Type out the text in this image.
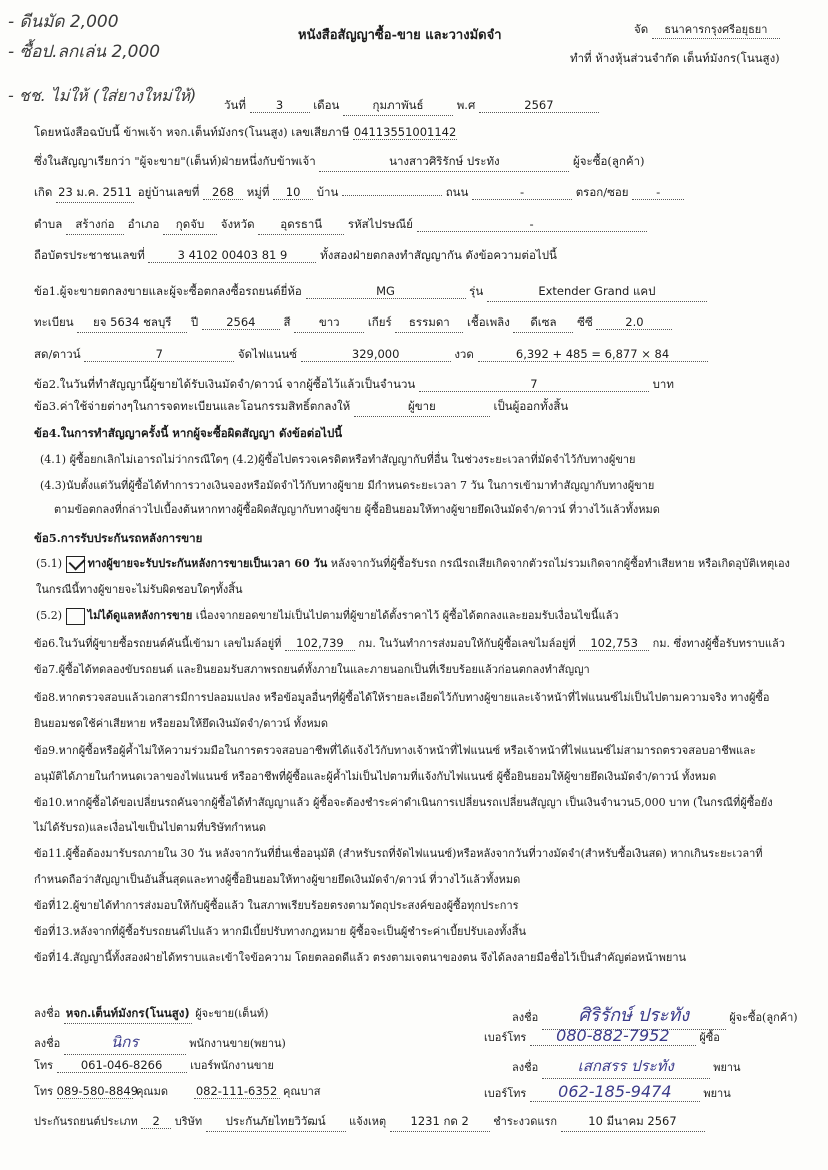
- ดีนมัด 2,000
- ซื้อป.ลกเล่น 2,000
- ชช. ไม่ให้ (ใส่ยางใหม่ให้)
หนังสือสัญญาซื้อ-ขาย และวางมัดจำ	จัด ธนาคารกรุงศรีอยุธยา
ทำที่ ห้างหุ้นส่วนจำกัด เต็นท์มังกร(โนนสูง)
วันที่	3	เดือน	กุมภาพันธ์	พ.ศ	2567
โดยหนังสือฉบับนี้ ข้าพเจ้า หจก.เต็นท์มังกร(โนนสูง) เลขเสียภาษี 04113551001142
ซึ่งในสัญญาเรียกว่า "ผู้จะขาย"(เต็นท์)ฝ่ายหนึ่งกับข้าพเจ้า	นางสาวศิริรักษ์ ประทัง	ผู้จะซื้อ(ลูกค้า)
เกิด 23 ม.ค. 2511 อยู่บ้านเลขที่ 268 หมู่ที่ 10 บ้าน	ถนน	-	ตรอก/ซอย -
ตำบล สร้างก่อ อำเภอ กุดจับ จังหวัด อุดรธานี รหัสไปรษณีย์	-
ถือบัตรประชาชนเลขที่	3 4102 00403 81 9	ทั้งสองฝ่ายตกลงทำสัญญากัน ดังข้อความต่อไปนี้
ข้อ1.ผู้จะขายตกลงขายและผู้จะซื้อตกลงซื้อรถยนต์ยี่ห้อ	MG	รุ่น	Extender Grand แคป
ทะเบียน ยจ 5634 ชลบุรี ปี 2564 สี ขาว เกียร์ ธรรมดา เชื้อเพลิง ดีเซล ซีซี	2.0
สด/ดาวน์	7	จัดไฟแนนซ์	329,000	งวด	6,392 + 485 = 6,877 × 84
ข้อ2.ในวันที่ทำสัญญานี้ผู้ขายได้รับเงินมัดจำ/ดาวน์ จากผู้ซื้อไว้แล้วเป็นจำนวน	7	บาท
ข้อ3.ค่าใช้จ่ายต่างๆในการจดทะเบียนและโอนกรรมสิทธิ์ตกลงให้	ผู้ขาย	เป็นผู้ออกทั้งสิ้น
ข้อ4.ในการทำสัญญาครั้งนี้ หากผู้จะซื้อผิดสัญญา ดังข้อต่อไปนี้
(4.1) ผู้ซื้อยกเลิกไม่เอารถไม่ว่ากรณีใดๆ (4.2)ผู้ซื้อไปตรวจเครดิตหรือทำสัญญากับที่อื่น ในช่วงระยะเวลาที่มัดจำไว้กับทางผู้ขาย
(4.3)นับตั้งแต่วันที่ผู้ซื้อได้ทำการวางเงินจองหรือมัดจำไว้กับทางผู้ขาย มีกำหนดระยะเวลา 7 วัน ในการเข้ามาทำสัญญากับทางผู้ขาย
ตามข้อตกลงที่กล่าวไปเบื้องต้นหากทางผู้ซื้อผิดสัญญากับทางผู้ขาย ผู้ซื้อยินยอมให้ทางผู้ขายยึดเงินมัดจำ/ดาวน์ ที่วางไว้แล้วทั้งหมด
ข้อ5.การรับประกันรถหลังการขาย
(5.1) ทางผู้ขายจะรับประกันหลังการขายเป็นเวลา 60 วัน หลังจากวันที่ผู้ซื้อรับรถ กรณีรถเสียเกิดจากตัวรถไม่รวมเกิดจากผู้ซื้อทำเสียหาย หรือเกิดอุบัติเหตุเอง
ในกรณีนี้ทางผู้ขายจะไม่รับผิดชอบใดๆทั้งสิ้น
(5.2) ไม่ได้ดูแลหลังการขาย เนื่องจากยอดขายไม่เป็นไปตามที่ผู้ขายได้ตั้งราคาไว้ ผู้ซื้อได้ตกลงและยอมรับเงื่อนไขนี้แล้ว
ข้อ6.ในวันที่ผู้ขายซื้อรถยนต์คันนี้เข้ามา เลขไมล์อยู่ที่ 102,739 กม. ในวันทำการส่งมอบให้กับผู้ซื้อเลขไมล์อยู่ที่ 102,753 กม. ซึ่งทางผู้ซื้อรับทราบแล้ว
ข้อ7.ผู้ซื้อได้ทดลองขับรถยนต์ และยินยอมรับสภาพรถยนต์ทั้งภายในและภายนอกเป็นที่เรียบร้อยแล้วก่อนตกลงทำสัญญา
ข้อ8.หากตรวจสอบแล้วเอกสารมีการปลอมแปลง หรือข้อมูลอื่นๆที่ผู้ซื้อได้ให้รายละเอียดไว้กับทางผู้ขายและเจ้าหน้าที่ไฟแนนซ์ไม่เป็นไปตามความจริง ทางผู้ซื้อ
ยินยอมชดใช้ค่าเสียหาย หรือยอมให้ยึดเงินมัดจำ/ดาวน์ ทั้งหมด
ข้อ9.หากผู้ซื้อหรือผู้ค้ำไม่ให้ความร่วมมือในการตรวจสอบอาชีพที่ได้แจ้งไว้กับทางเจ้าหน้าที่ไฟแนนซ์ หรือเจ้าหน้าที่ไฟแนนซ์ไม่สามารถตรวจสอบอาชีพและ
อนุมัติได้ภายในกำหนดเวลาของไฟแนนซ์ หรืออาชีพที่ผู้ซื้อและผู้ค้ำไม่เป็นไปตามที่แจ้งกับไฟแนนซ์ ผู้ซื้อยินยอมให้ผู้ขายยึดเงินมัดจำ/ดาวน์ ทั้งหมด
ข้อ10.หากผู้ซื้อได้ขอเปลี่ยนรถคันจากผู้ซื้อได้ทำสัญญาแล้ว ผู้ซื้อจะต้องชำระค่าดำเนินการเปลี่ยนรถเปลี่ยนสัญญา เป็นเงินจำนวน5,000 บาท (ในกรณีที่ผู้ซื้อยัง
ไม่ได้รับรถ)และเงื่อนไขเป็นไปตามที่บริษัทกำหนด
ข้อ11.ผู้ซื้อต้องมารับรถภายใน 30 วัน หลังจากวันที่ยื่นเชื่ออนุมัติ (สำหรับรถที่จัดไฟแนนซ์)หรือหลังจากวันที่วางมัดจำ(สำหรับซื้อเงินสด) หากเกินระยะเวลาที่
กำหนดถือว่าสัญญาเป็นอันสิ้นสุดและทางผู้ซื้อยินยอมให้ทางผู้ขายยึดเงินมัดจำ/ดาวน์ ที่วางไว้แล้วทั้งหมด
ข้อที่12.ผู้ขายได้ทำการส่งมอบให้กับผู้ซื้อแล้ว ในสภาพเรียบร้อยตรงตามวัตถุประสงค์ของผู้ซื้อทุกประการ
ข้อที่13.หลังจากที่ผู้ซื้อรับรถยนต์ไปแล้ว หากมีเบี้ยปรับทางกฎหมาย ผู้ซื้อจะเป็นผู้ชำระค่าเบี้ยปรับเองทั้งสิ้น
ข้อที่14.สัญญานี้ทั้งสองฝ่ายได้ทราบและเข้าใจข้อความ โดยตลอดดีแล้ว ตรงตามเจตนาของตน จึงได้ลงลายมือชื่อไว้เป็นสำคัญต่อหน้าพยาน
ลงชื่อ หจก.เต็นท์มังกร(โนนสูง) ผู้จะขาย(เต็นท์)
ลงชื่อ	นิกร	พนักงานขาย(พยาน)
โทร 061-046-8266	เบอร์พนักงานขาย
โทร 089-580-8849 คุณมด 082-111-6352 คุณบาส
ลงชื่อ ศิริรักษ์ ประทัง	ผู้จะซื้อ(ลูกค้า)
เบอร์โทร 080-882-7952	ผู้ซื้อ
ลงชื่อ	เสกสรร ประทัง	พยาน
เบอร์โทร 062-185-9474	พยาน
ประกันรถยนต์ประเภท 2 บริษัท ประกันภัยไทยวิวัฒน์ แจ้งเหตุ 1231 กด 2 ชำระงวดแรก	10 มีนาคม 2567
